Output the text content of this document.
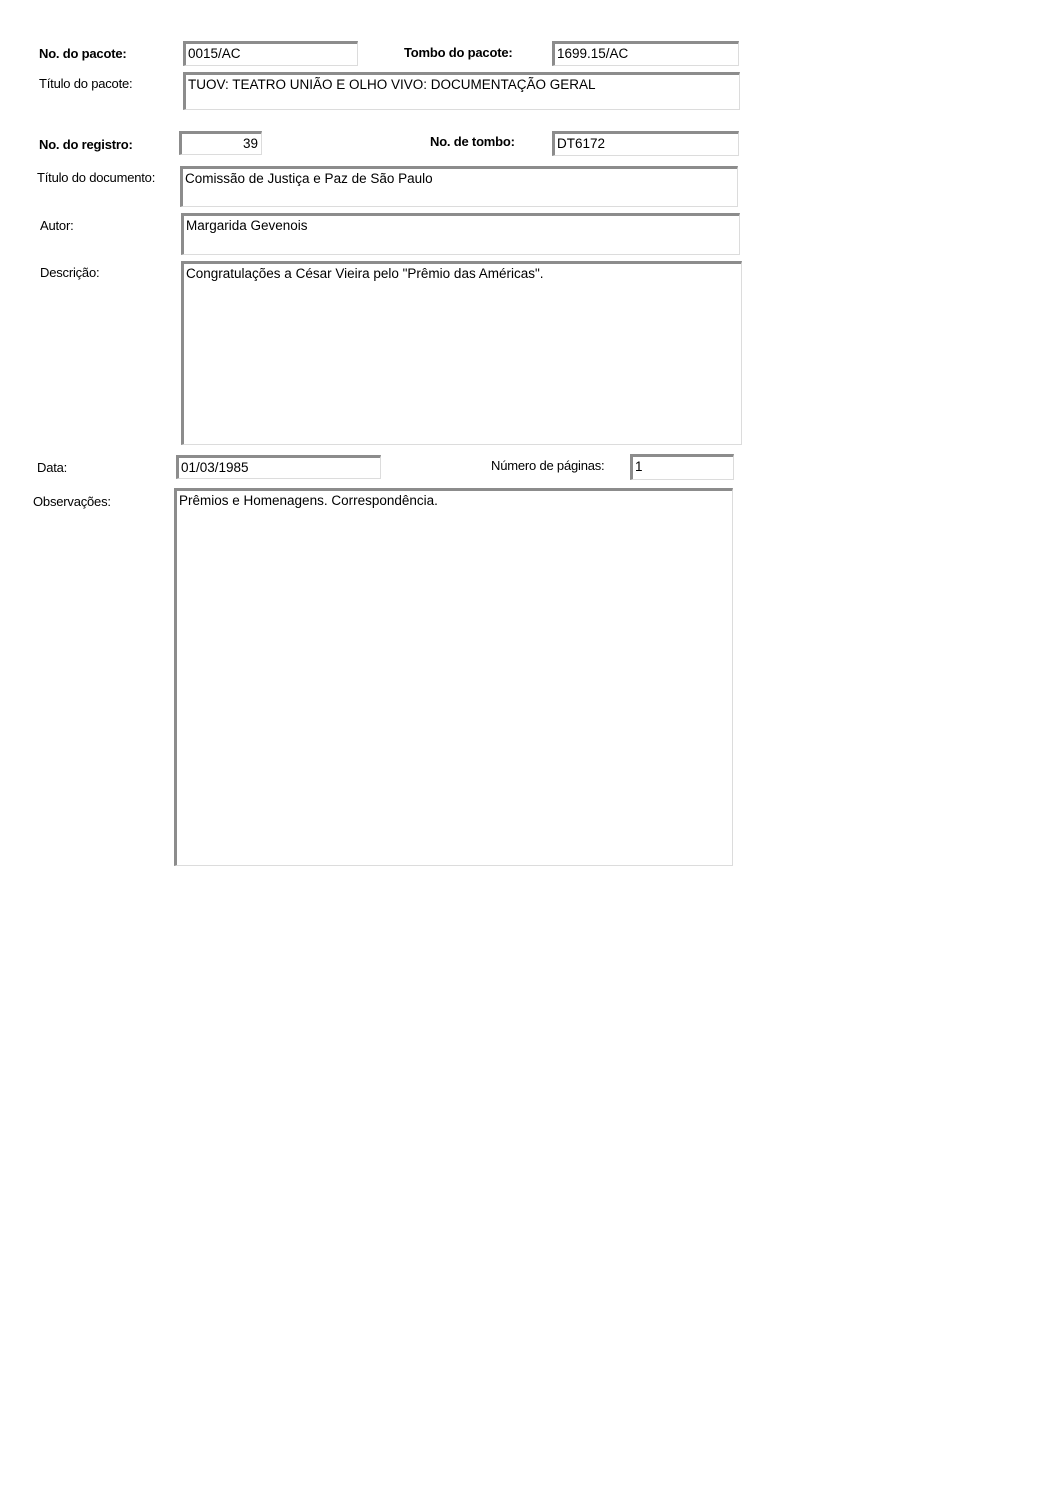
No. do pacote:	0015/AC	Tombo do pacote:	1699.15/AC
Título do pacote:	TUOV: TEATRO UNIÃO E OLHO VIVO: DOCUMENTAÇÃO GERAL
No. do registro:	39	No. de tombo:	DT6172
Título do documento:	Comissão de Justiça e Paz de São Paulo
Autor:	Margarida Gevenois
Descrição:	Congratulações a César Vieira pelo "Prêmio das Américas".
Data:	01/03/1985	Número de páginas:	1
Observações:	Prêmios e Homenagens. Correspondência.
